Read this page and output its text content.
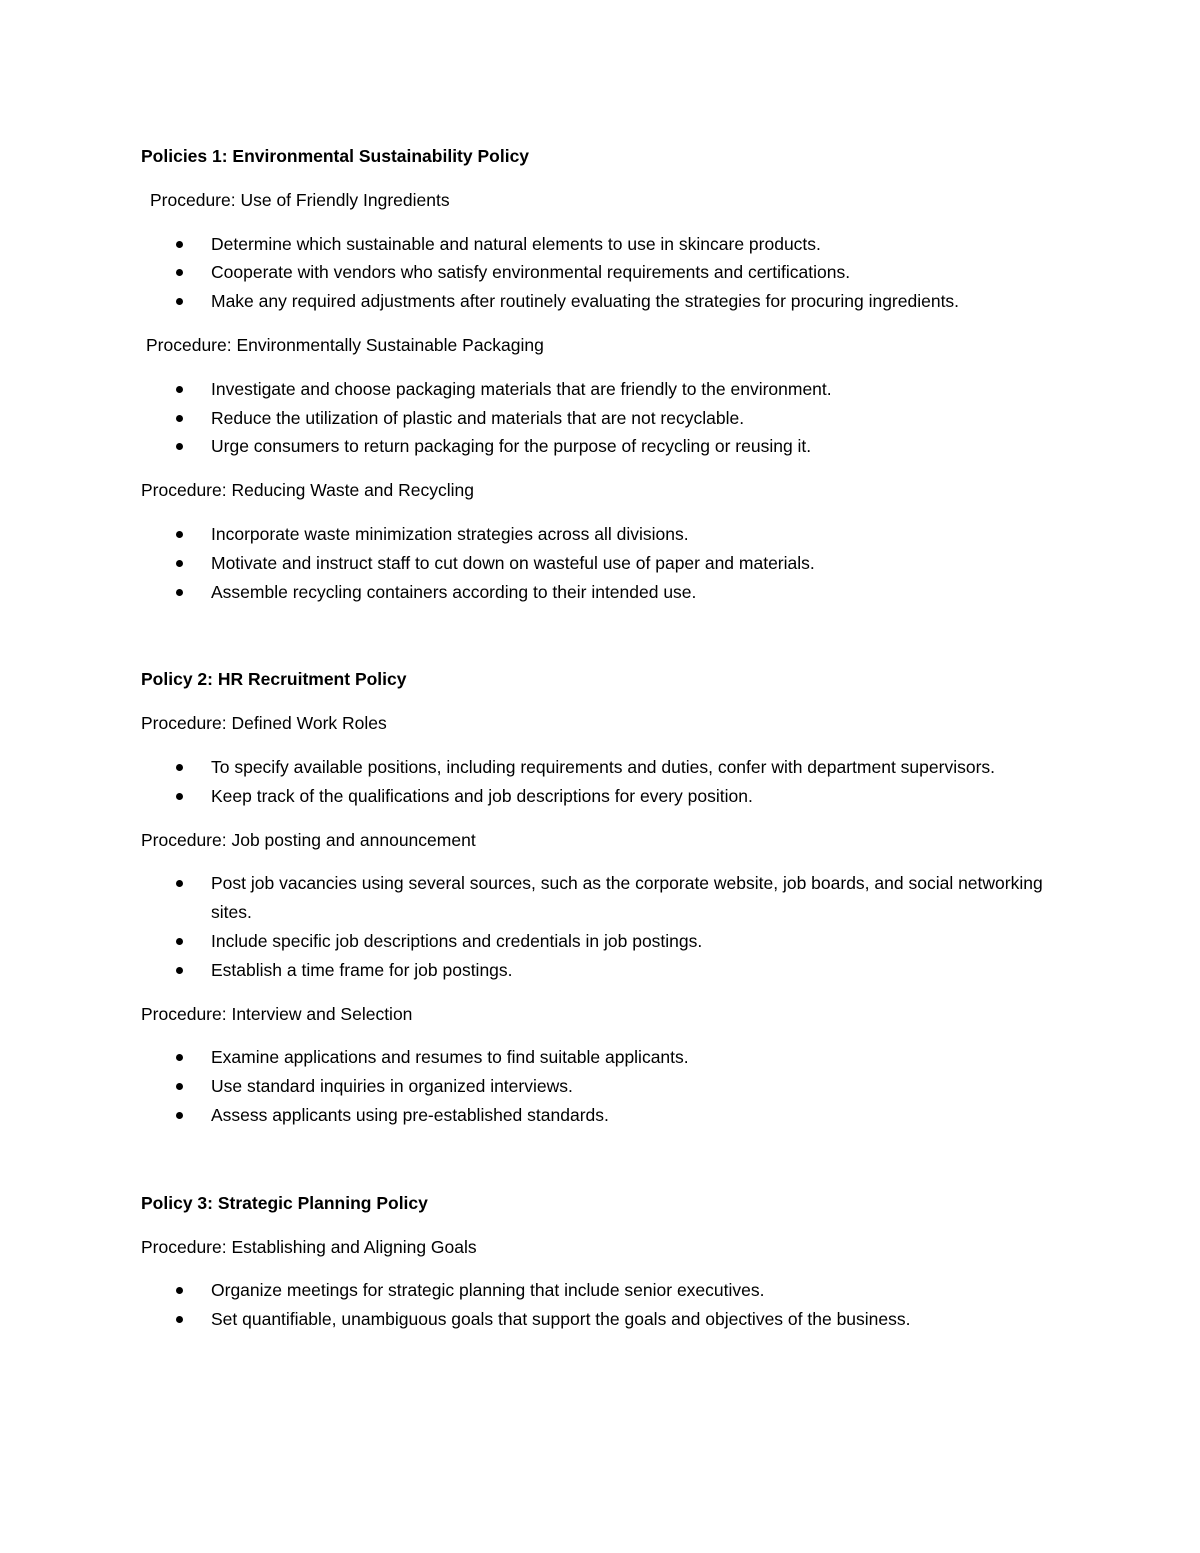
Policies 1: Environmental Sustainability Policy

Procedure: Use of Friendly Ingredients

Determine which sustainable and natural elements to use in skincare products.
Cooperate with vendors who satisfy environmental requirements and certifications.
Make any required adjustments after routinely evaluating the strategies for procuring ingredients.

Procedure: Environmentally Sustainable Packaging

Investigate and choose packaging materials that are friendly to the environment.
Reduce the utilization of plastic and materials that are not recyclable.
Urge consumers to return packaging for the purpose of recycling or reusing it.

Procedure: Reducing Waste and Recycling

Incorporate waste minimization strategies across all divisions.
Motivate and instruct staff to cut down on wasteful use of paper and materials.
Assemble recycling containers according to their intended use.

Policy 2: HR Recruitment Policy

Procedure: Defined Work Roles

To specify available positions, including requirements and duties, confer with department supervisors.
Keep track of the qualifications and job descriptions for every position.

Procedure: Job posting and announcement

Post job vacancies using several sources, such as the corporate website, job boards, and social networking sites.
Include specific job descriptions and credentials in job postings.
Establish a time frame for job postings.

Procedure: Interview and Selection

Examine applications and resumes to find suitable applicants.
Use standard inquiries in organized interviews.
Assess applicants using pre-established standards.

Policy 3: Strategic Planning Policy

Procedure: Establishing and Aligning Goals

Organize meetings for strategic planning that include senior executives.
Set quantifiable, unambiguous goals that support the goals and objectives of the business.
